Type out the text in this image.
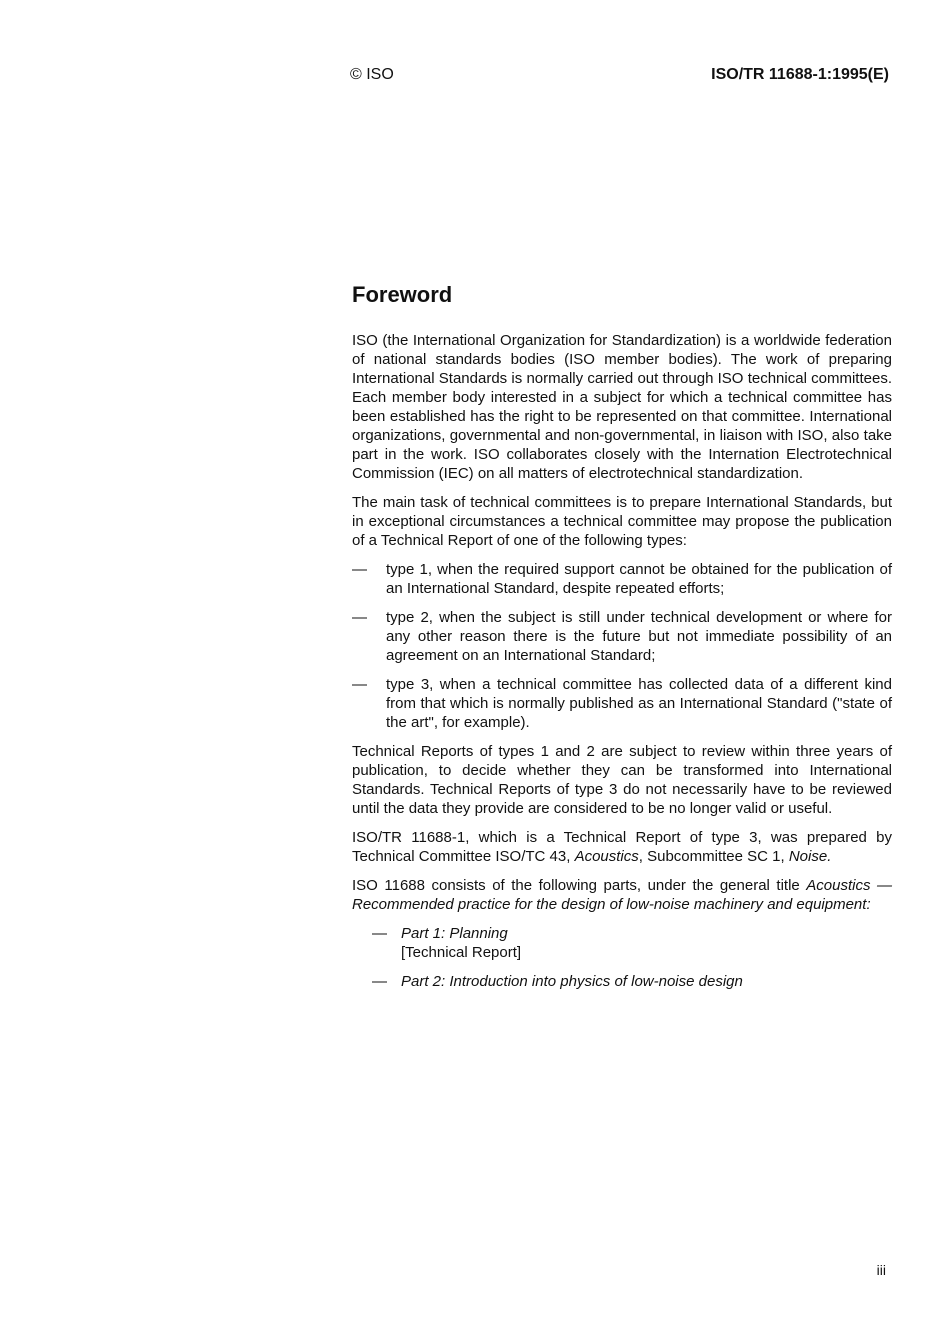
© ISO	ISO/TR 11688-1:1995(E)
Foreword

ISO (the International Organization for Standardization) is a worldwide federation of national standards bodies (ISO member bodies). The work of preparing International Standards is normally carried out through ISO technical committees. Each member body interested in a subject for which a technical committee has been established has the right to be represented on that committee. International organizations, governmental and non-governmental, in liaison with ISO, also take part in the work. ISO collaborates closely with the Internation Electrotechnical Commission (IEC) on all matters of electrotechnical standardization.

The main task of technical committees is to prepare International Standards, but in exceptional circumstances a technical committee may propose the publication of a Technical Report of one of the following types:

— type 1, when the required support cannot be obtained for the publication of an International Standard, despite repeated efforts;
— type 2, when the subject is still under technical development or where for any other reason there is the future but not immediate possibility of an agreement on an International Standard;
— type 3, when a technical committee has collected data of a different kind from that which is normally published as an International Standard ("state of the art", for example).

Technical Reports of types 1 and 2 are subject to review within three years of publication, to decide whether they can be transformed into International Standards. Technical Reports of type 3 do not necessarily have to be reviewed until the data they provide are considered to be no longer valid or useful.

ISO/TR 11688-1, which is a Technical Report of type 3, was prepared by Technical Committee ISO/TC 43, Acoustics, Subcommittee SC 1, Noise.

ISO 11688 consists of the following parts, under the general title Acoustics — Recommended practice for the design of low-noise machinery and equipment:

— Part 1: Planning
[Technical Report]
— Part 2: Introduction into physics of low-noise design
iii
